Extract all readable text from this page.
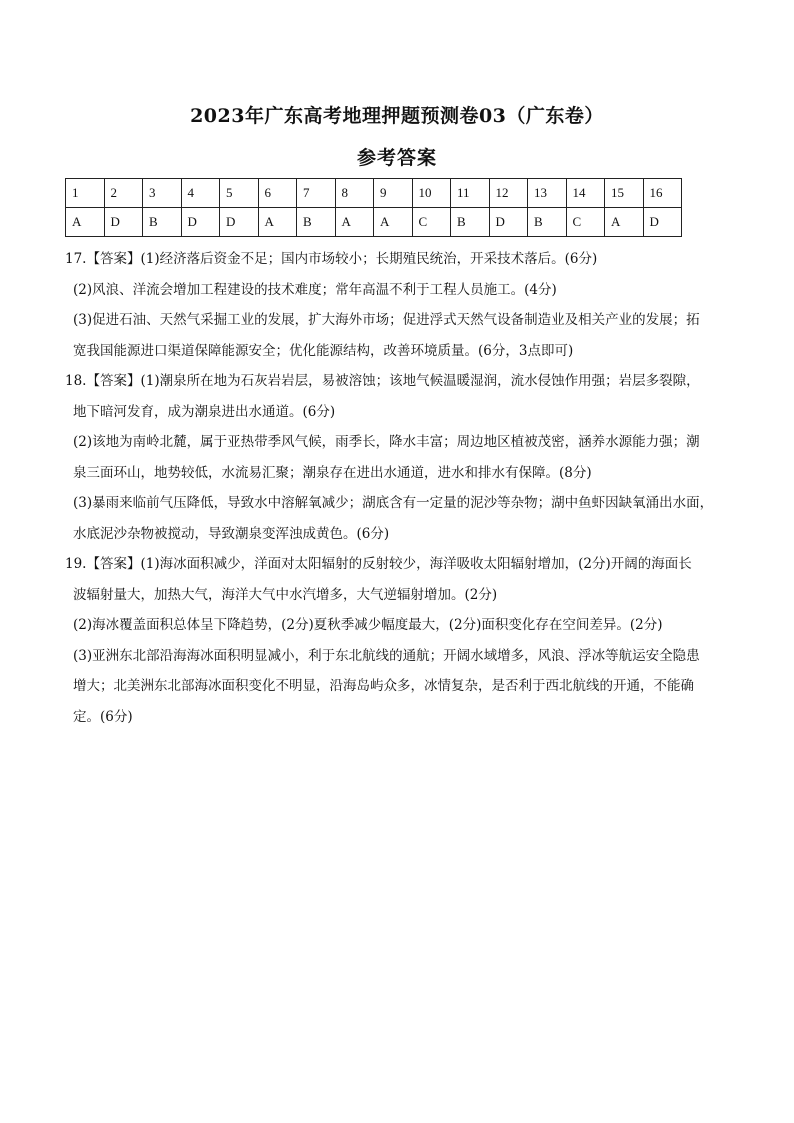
2023年广东高考地理押题预测卷03（广东卷）
参考答案
1	2	3	4	5	6	7	8	9	10	11	12	13	14	15	16
A	D	B	D	D	A	B	A	A	C	B	D	B	C	A	D

17.【答案】(1)经济落后资金不足；国内市场较小；长期殖民统治，开采技术落后。(6分)

(2)风浪、洋流会增加工程建设的技术难度；常年高温不利于工程人员施工。(4分)

(3)促进石油、天然气采掘工业的发展，扩大海外市场；促进浮式天然气设备制造业及相关产业的发展；拓

宽我国能源进口渠道保障能源安全；优化能源结构，改善环境质量。(6分，3点即可)

18.【答案】(1)潮泉所在地为石灰岩岩层，易被溶蚀；该地气候温暖湿润，流水侵蚀作用强；岩层多裂隙，

地下暗河发育，成为潮泉进出水通道。(6分)

(2)该地为南岭北麓，属于亚热带季风气候，雨季长，降水丰富；周边地区植被茂密，涵养水源能力强；潮

泉三面环山，地势较低，水流易汇聚；潮泉存在进出水通道，进水和排水有保障。(8分)

(3)暴雨来临前气压降低，导致水中溶解氧减少；湖底含有一定量的泥沙等杂物；湖中鱼虾因缺氧涌出水面，

水底泥沙杂物被搅动，导致潮泉变浑浊成黄色。(6分)

19.【答案】(1)海冰面积减少，洋面对太阳辐射的反射较少，海洋吸收太阳辐射增加，(2分)开阔的海面长

波辐射量大，加热大气，海洋大气中水汽增多，大气逆辐射增加。(2分)

(2)海冰覆盖面积总体呈下降趋势，(2分)夏秋季减少幅度最大，(2分)面积变化存在空间差异。(2分)

(3)亚洲东北部沿海海冰面积明显减小，利于东北航线的通航；开阔水域增多，风浪、浮冰等航运安全隐患

增大；北美洲东北部海冰面积变化不明显，沿海岛屿众多，冰情复杂，是否利于西北航线的开通，不能确

定。(6分)
